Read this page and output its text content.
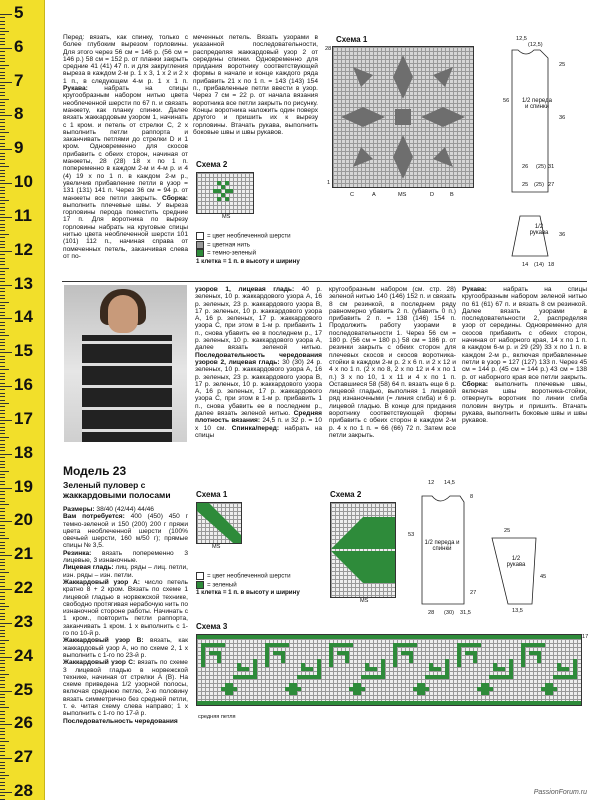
5
6
7
8
9
10
11
12
13
14
15
16
17
18
19
20
21
22
23
24
25
26
27
28
Перед: вязать, как спинку, только с более глубоким вырезом горловины. Для этого через 56 см = 146 р. (56 см = 146 р.) 58 см = 152 р. от планки закрыть средние 41 (41) 47 п. и для закругления выреза в каждом 2-м р. 1 х 3, 1 х 2 и 2 х 1 п., в следующем 4-м р. 1 х 1 п. Рукава: набрать на спицы кругообразным набором нитью цвета необлеченной шерсти по 67 п. и связать манжету, как планку спинки. Далее вязать жаккардовым узором 1, начинать с 1 кром. и петель от стрелки С, 2 х выполнить петли раппорта и заканчивать петлями до стрелки D и 1 кром. Одновременно для скосов прибавить с обеих сторон, начиная от манжеты, 28 (28) 18 х по 1 п. попеременно в каждом 2-м и 4-м р. и 4 (4) 19 х по 1 п. в каждом 2-м р., увеличив прибавление петли в узор = 131 (131) 141 п. Через 36 см = 94 р. от манжеты все петли закрыть. Сборка: выполнить плечевые швы. У выреза горловины перода поместить средние 17 п. Для воротника по вырезу горловины набрать на круговые спицы нитью цвета необлеченной шерсти 101 (101) 112 п., начиная справа от помеченных петель, заканчивая слева от по-
меченных петель. Вязать узорами в указанной последовательности, распределяя жаккардовый узор 2 от середины спинки. Одновременно для придания воротнику соответствующей формы в начале и конце каждого ряда прибавить 21 х по 1 п. = 143 (143) 154 п., прибавленные петли ввести в узор. Через 7 см = 22 р. от начала вязания воротника все петли закрыть по рисунку. Концы воротника наложить один поверх другого и пришить их к вырезу горловины. Втачать рукава, выполнить боковые швы и швы рукавов.
Схема 2
MS
= цвет необлеченной шерсти
= цветная нить
= темно-зеленый
1 клетка = 1 п. в высоту и ширину
Схема 1
28
1
C	A	MS	D	B
12,5
(12,5)
25
56
36
26 (25) 31
1/2 переда и спинки
25 (25) 27
1/2 рукава	36
14 (14) 18
узоров 1, лицевая гладь: 40 р. зеленых, 10 р. жаккардового узора А, 16 р. зеленых, 23 р. жаккардового узора В, 17 р. зеленых, 10 р. жаккардового узора А, 16 р. зеленых, 17 р. жаккардового узора С, при этом в 1-м р. прибавить 1 п., снова убавить ее в последнем р., 17 р. зеленых, 10 р. жаккардового узора А, далее вязать зеленой нитью. Последовательность чередования узоров 2, лицевая гладь: 30 (30) 24 р. зеленых, 10 р. жаккардового узора А, 16 р. зеленых, 23 р. жаккардового узора В, 17 р. зеленых, 10 р. жаккардового узора А, 16 р. зеленых, 17 р. жаккардового узора С, при этом в 1-м р. прибавить 1 п., снова убавить ее в последнем р., далее вязать зеленой нитью. Средняя плотность вязания: 24,5 п. и 32 р. = 10 х 10 см. Спинка/перед: набрать на спицы
кругообразным набором (см. стр. 28) зеленой нитью 140 (146) 152 п. и связать 8 см резинкой, в последнем ряду равномерно убавить 2 п. (убавить 0 п.) прибавить 2 п. = 138 (146) 154 п. Продолжить работу узорами в последовательности 1. Через 56 см = 180 р. (56 см = 180 р.) 58 см = 186 р. от резинки закрыть с обеих сторон для плечевых скосов и скосов воротника-стойки в каждом 2-м р. 2 х 6 п. и 2 х 12 и 4 х по 1 п. (2 х по 8, 2 х по 12 и 4 х по 1 п.) 3 х по 10, 1 х 11 и 4 х по 1 п. Оставшиеся 58 (58) 64 п. вязать еще 6 р. лицевой гладью, выполняя 1 лицевой ряд изнаночными (= линия сгиба) и 6 р. лицевой гладью. В конце для придания воротнику соответствующей формы прибавить с обеих сторон в каждом 2-м р. 4 х по 1 п. = 66 (66) 72 п. Затем все петли закрыть.
Рукава: набрать на спицы кругообразным набором зеленой нитью по 61 (61) 67 п. и вязать 8 см резинкой. Далее вязать узорами в последовательности 2, распределяя узор от середины. Одновременно для скосов прибавить с обеих сторон, начиная от наборного края, 14 х по 1 п. в каждом 6-м р. и 29 (29) 33 х по 1 п. в каждом 2-м р., включая прибавленные петли в узор = 127 (127) 133 п. Через 45 см = 144 р. (45 см = 144 р.) 43 см = 138 р. от наборного края все петли закрыть. Сборка: выполнить плечевые швы, включая швы воротника-стойки, отвернуть воротник по линии сгиба половин внутрь и пришить. Втачать рукава, выполнить боковые швы и швы рукавов.
Модель 23
Зеленый пуловер с жаккардовыми полосами
Размеры: 38/40 (42/44) 44/46
Вам потребуется: 400 (450) 450 г темно-зеленой и 150 (200) 200 г пряжи цвета необлеченной шерсти (100% овечьей шерсти, 160 м/50 г); прямые спицы № 3,5.
Резинка: вязать попеременно 3 лицевые, 3 изнаночные.
Лицевая гладь: лиц. ряды – лиц. петли, изн. ряды – изн. петли.
Жаккардовый узор А: число петель кратно 8 + 2 кром. Вязать по схеме 1 лицевой гладью в норвежской технике, свободно протягивая нерабочую нить по изнаночной стороне работы. Начинать с 1 кром., повторить петли раппорта, заканчивать 1 кром. 1 х выполнить с 1-го по 10-й р.
Жаккардовый узор В: вязать, как жаккардовый узор А, но по схеме 2, 1 х выполнить с 1-го по 23-й р.
Жаккардовый узор С: вязать по схеме 3 лицевой гладью в норвежской технике, начиная от стрелки А (В). На схеме приведена 1/2 узорной полосы, включая среднюю петлю, 2-ю половину вязать симметрично без средней петли, т. е. читая схему слева направо; 1 х выполнить с 1-го по 17-й р.
Последовательность чередования
Схема 1
MS
= цвет необлеченной шерсти
= зеленый
1 клетка = 1 п. в высоту и ширину
Схема 2
MS
12 14,5
8
53
27
28 (30) 31,5
1/2 переда и спинки
1/2 рукава
13,5
45
25
Схема 3
17
средняя петля
PassionForum.ru
